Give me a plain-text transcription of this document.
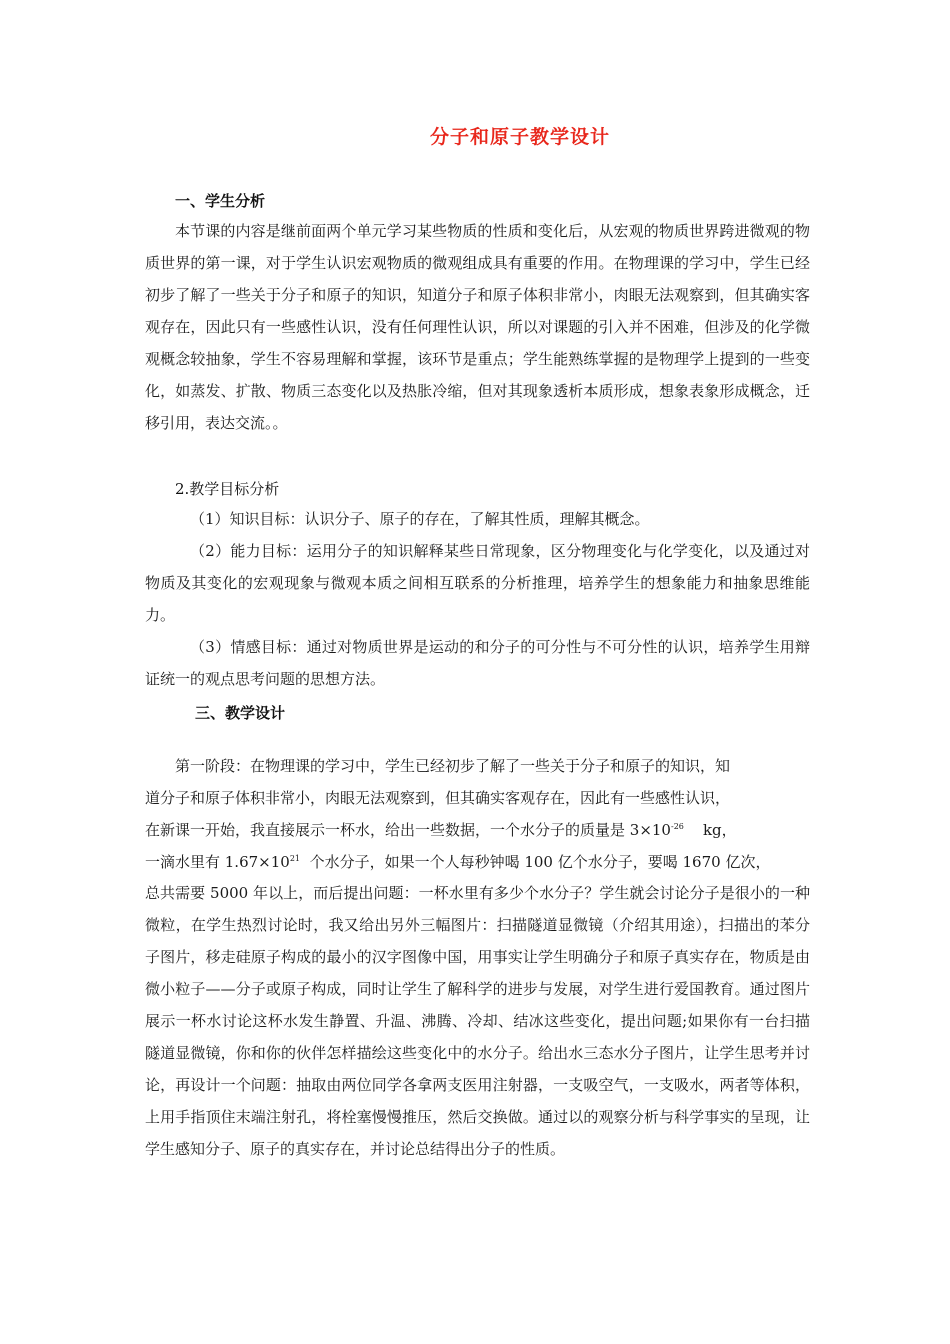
分子和原子教学设计
一、学生分析

本节课的内容是继前面两个单元学习某些物质的性质和变化后，从宏观的物质世界跨进微观的物质世界的第一课，对于学生认识宏观物质的微观组成具有重要的作用。在物理课的学习中，学生已经初步了解了一些关于分子和原子的知识，知道分子和原子体积非常小，肉眼无法观察到，但其确实客观存在，因此只有一些感性认识，没有任何理性认识，所以对课题的引入并不困难，但涉及的化学微观概念较抽象，学生不容易理解和掌握，该环节是重点；学生能熟练掌握的是物理学上提到的一些变化，如蒸发、扩散、物质三态变化以及热胀冷缩，但对其现象透析本质形成，想象表象形成概念，迁移引用，表达交流。。

2.教学目标分析

（1）知识目标：认识分子、原子的存在，了解其性质，理解其概念。

（2）能力目标：运用分子的知识解释某些日常现象，区分物理变化与化学变化，以及通过对物质及其变化的宏观现象与微观本质之间相互联系的分析推理，培养学生的想象能力和抽象思维能力。

（3）情感目标：通过对物质世界是运动的和分子的可分性与不可分性的认识，培养学生用辩证统一的观点思考问题的思想方法。

三、教学设计
第一阶段：在物理课的学习中，学生已经初步了解了一些关于分子和原子的知识，知
道分子和原子体积非常小，肉眼无法观察到，但其确实客观存在，因此有一些感性认识，
在新课一开始，我直接展示一杯水，给出一些数据，一个水分子的质量是 $3\times 10^{-26}$ kg，
一滴水里有 $1.67\times 10^{21}$ 个水分子，如果一个人每秒钟喝 100 亿个水分子，要喝 1670 亿次，

总共需要 5000 年以上，而后提出问题：一杯水里有多少个水分子？学生就会讨论分子是很小的一种微粒，在学生热烈讨论时，我又给出另外三幅图片：扫描隧道显微镜（介绍其用途），扫描出的苯分子图片，移走硅原子构成的最小的汉字图像中国，用事实让学生明确分子和原子真实存在，物质是由微小粒子——分子或原子构成，同时让学生了解科学的进步与发展，对学生进行爱国教育。通过图片展示一杯水讨论这杯水发生静置、升温、沸腾、冷却、结冰这些变化，提出问题;如果你有一台扫描隧道显微镜，你和你的伙伴怎样描绘这些变化中的水分子。给出水三态水分子图片，让学生思考并讨论，再设计一个问题：抽取由两位同学各拿两支医用注射器，一支吸空气，一支吸水，两者等体积，上用手指顶住末端注射孔，将栓塞慢慢推压，然后交换做。通过以的观察分析与科学事实的呈现，让学生感知分子、原子的真实存在，并讨论总结得出分子的性质。
